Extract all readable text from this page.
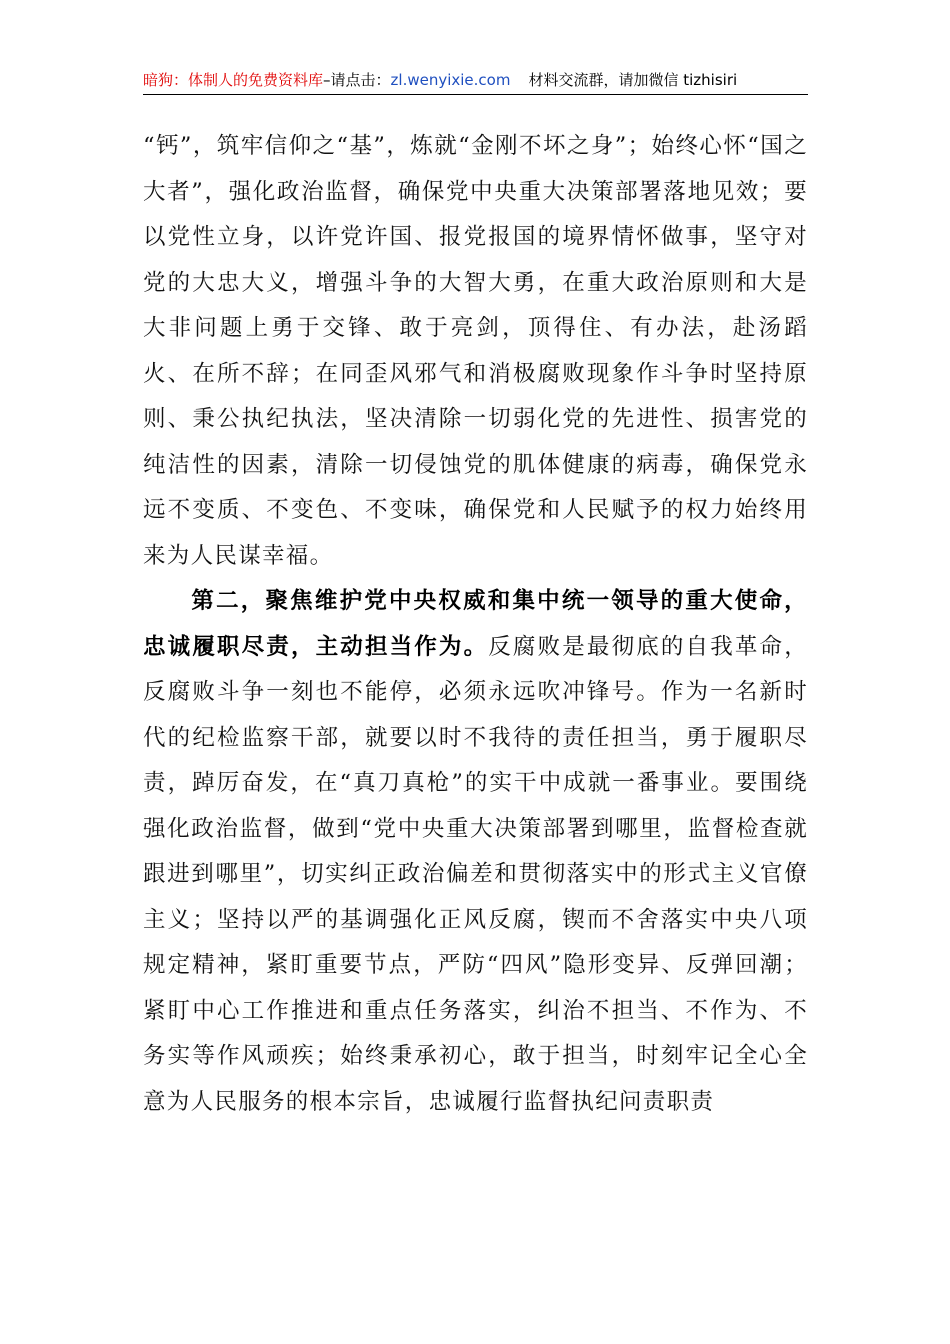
暗狗：体制人的免费资料库–请点击：zl.wenyixie.com 材料交流群，请加微信 tizhisiri

“钙”，筑牢信仰之“基”，炼就“金刚不坏之身”；始终心怀“国之大者”，强化政治监督，确保党中央重大决策部署落地见效；要以党性立身，以许党许国、报党报国的境界情怀做事，坚守对党的大忠大义，增强斗争的大智大勇，在重大政治原则和大是大非问题上勇于交锋、敢于亮剑，顶得住、有办法，赴汤蹈火、在所不辞；在同歪风邪气和消极腐败现象作斗争时坚持原则、秉公执纪执法，坚决清除一切弱化党的先进性、损害党的纯洁性的因素，清除一切侵蚀党的肌体健康的病毒，确保党永远不变质、不变色、不变味，确保党和人民赋予的权力始终用来为人民谋幸福。

第二，聚焦维护党中央权威和集中统一领导的重大使命，忠诚履职尽责，主动担当作为。反腐败是最彻底的自我革命，反腐败斗争一刻也不能停，必须永远吹冲锋号。作为一名新时代的纪检监察干部，就要以时不我待的责任担当，勇于履职尽责，踔厉奋发，在“真刀真枪”的实干中成就一番事业。要围绕强化政治监督，做到“党中央重大决策部署到哪里，监督检查就跟进到哪里”，切实纠正政治偏差和贯彻落实中的形式主义官僚主义；坚持以严的基调强化正风反腐，锲而不舍落实中央八项规定精神，紧盯重要节点，严防“四风”隐形变异、反弹回潮；紧盯中心工作推进和重点任务落实，纠治不担当、不作为、不务实等作风顽疾；始终秉承初心，敢于担当，时刻牢记全心全意为人民服务的根本宗旨，忠诚履行监督执纪问责职责
